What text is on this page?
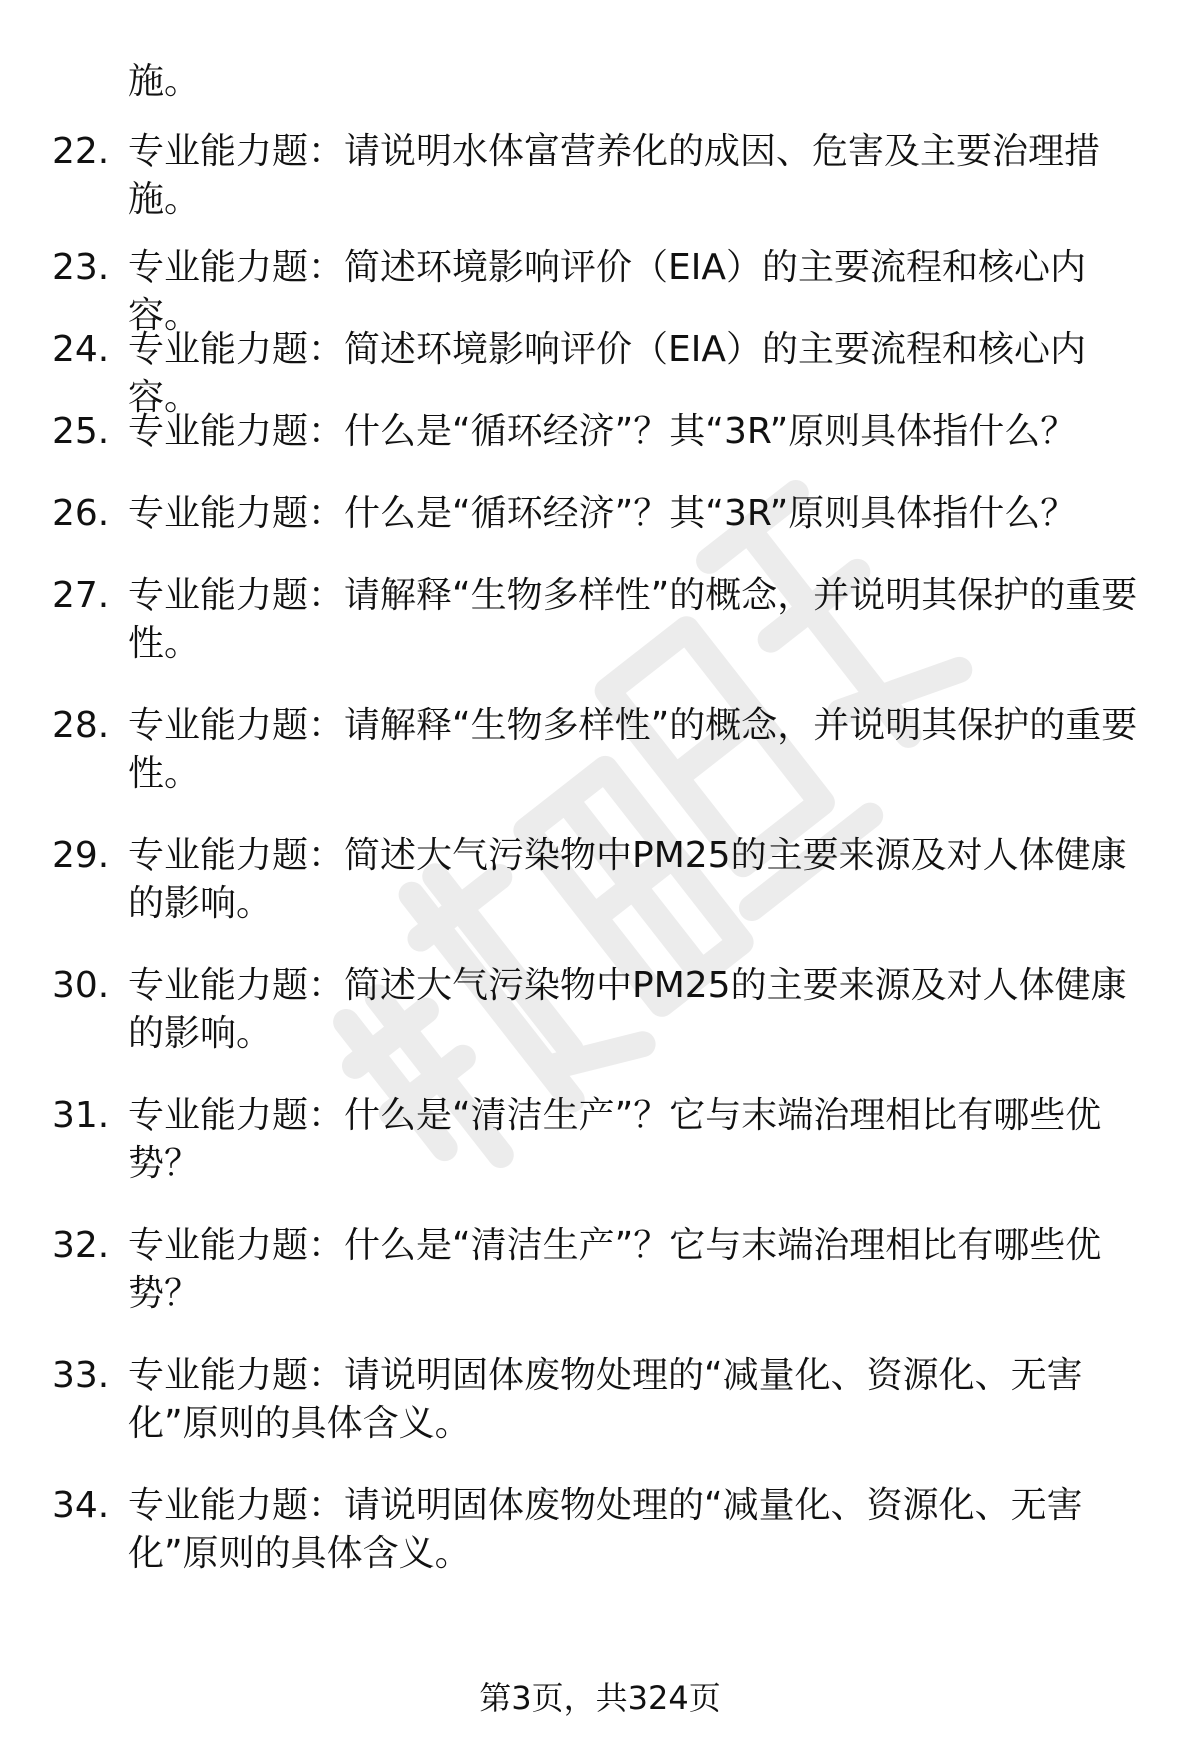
施。
22. 专业能力题：请说明水体富营养化的成因、危害及主要治理措施。
23. 专业能力题：简述环境影响评价（EIA）的主要流程和核心内容。
24. 专业能力题：简述环境影响评价（EIA）的主要流程和核心内容。
25. 专业能力题：什么是“循环经济”？其“3R”原则具体指什么？
26. 专业能力题：什么是“循环经济”？其“3R”原则具体指什么？
27. 专业能力题：请解释“生物多样性”的概念，并说明其保护的重要性。
28. 专业能力题：请解释“生物多样性”的概念，并说明其保护的重要性。
29. 专业能力题：简述大气污染物中PM25的主要来源及对人体健康的影响。
30. 专业能力题：简述大气污染物中PM25的主要来源及对人体健康的影响。
31. 专业能力题：什么是“清洁生产”？它与末端治理相比有哪些优势？
32. 专业能力题：什么是“清洁生产”？它与末端治理相比有哪些优势？
33. 专业能力题：请说明固体废物处理的“减量化、资源化、无害化”原则的具体含义。
34. 专业能力题：请说明固体废物处理的“减量化、资源化、无害化”原则的具体含义。
第3页，共324页
